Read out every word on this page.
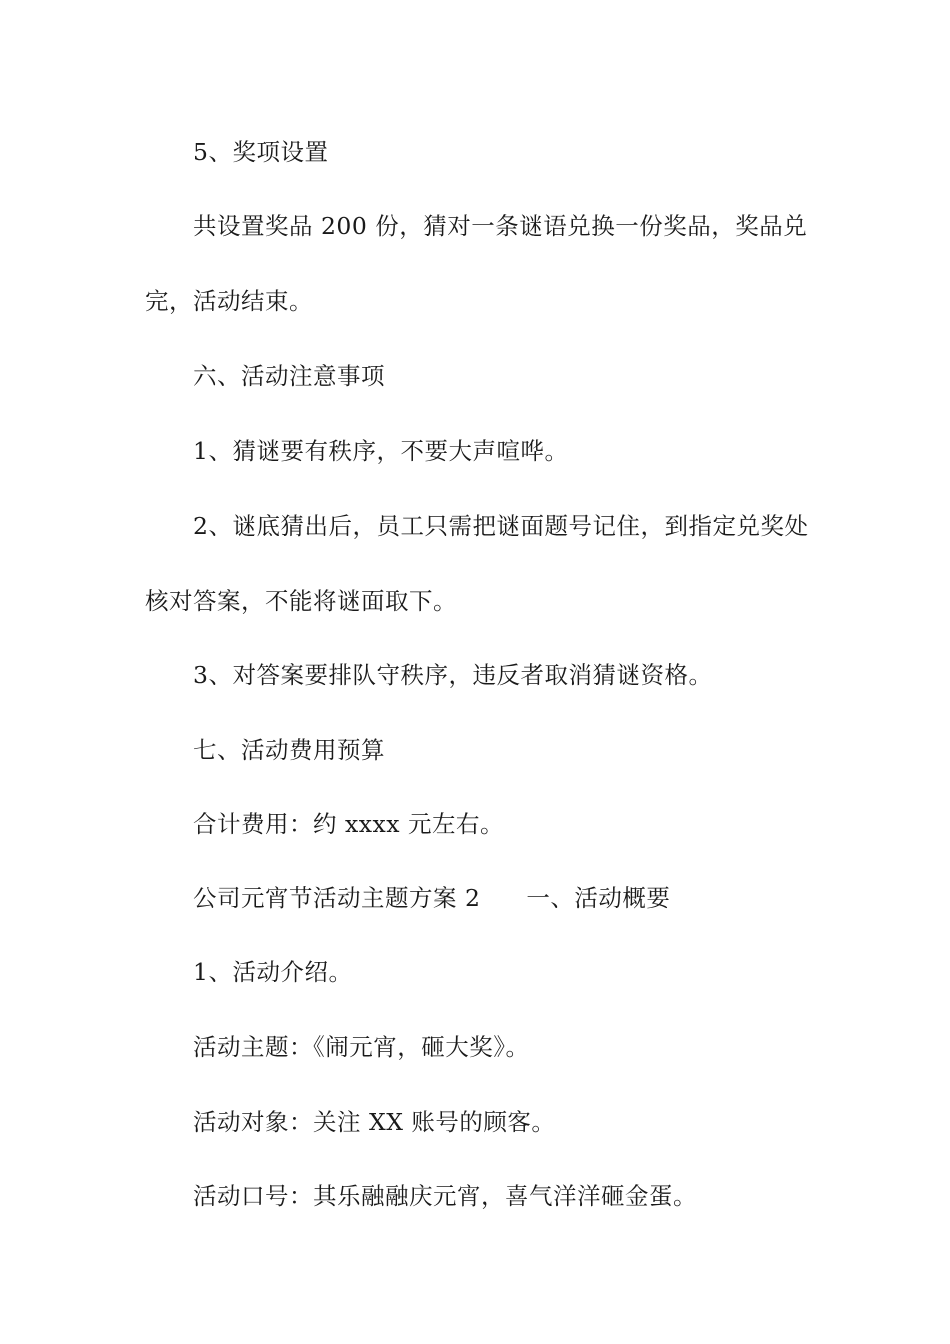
5、奖项设置
共设置奖品 200 份，猜对一条谜语兑换一份奖品，奖品兑
完，活动结束。
六、活动注意事项
1、猜谜要有秩序，不要大声喧哗。
2、谜底猜出后，员工只需把谜面题号记住，到指定兑奖处
核对答案，不能将谜面取下。
3、对答案要排队守秩序，违反者取消猜谜资格。
七、活动费用预算
合计费用：约 xxxx 元左右。
公司元宵节活动主题方案 2 一、活动概要
1、活动介绍。
活动主题：《闹元宵，砸大奖》。
活动对象：关注 XX 账号的顾客。
活动口号：其乐融融庆元宵，喜气洋洋砸金蛋。
